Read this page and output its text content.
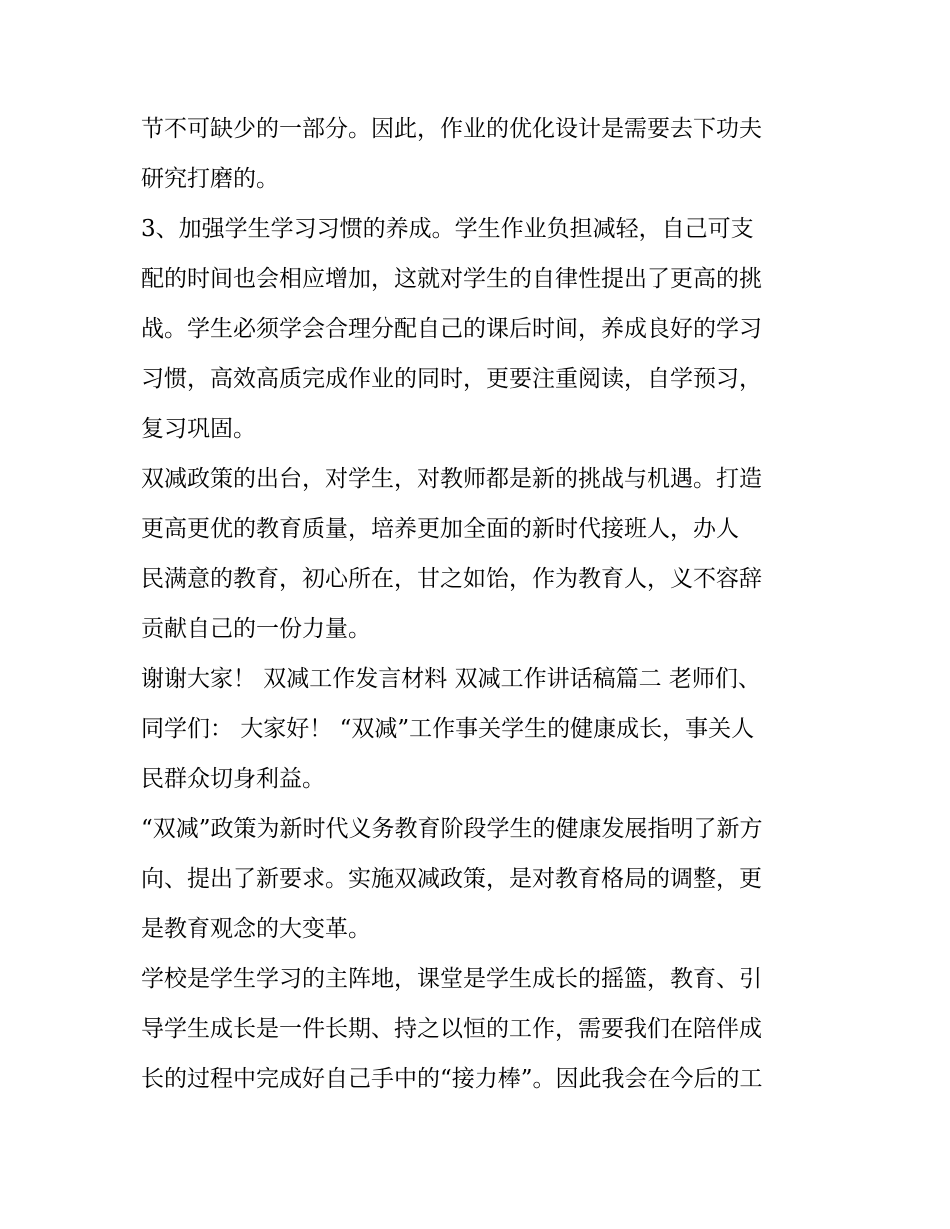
节不可缺少的一部分。因此，作业的优化设计是需要去下功夫
研究打磨的。
3、加强学生学习习惯的养成。学生作业负担减轻，自己可支
配的时间也会相应增加，这就对学生的自律性提出了更高的挑
战。学生必须学会合理分配自己的课后时间，养成良好的学习
习惯，高效高质完成作业的同时，更要注重阅读，自学预习，
复习巩固。
双减政策的出台，对学生，对教师都是新的挑战与机遇。打造
更高更优的教育质量，培养更加全面的新时代接班人，办人
民满意的教育，初心所在，甘之如饴，作为教育人，义不容辞
贡献自己的一份力量。
谢谢大家！ 双减工作发言材料 双减工作讲话稿篇二 老师们、
同学们： 大家好！ “双减”工作事关学生的健康成长，事关人
民群众切身利益。
“双减”政策为新时代义务教育阶段学生的健康发展指明了新方
向、提出了新要求。实施双减政策，是对教育格局的调整，更
是教育观念的大变革。
学校是学生学习的主阵地，课堂是学生成长的摇篮，教育、引
导学生成长是一件长期、持之以恒的工作，需要我们在陪伴成
长的过程中完成好自己手中的“接力棒”。因此我会在今后的工
